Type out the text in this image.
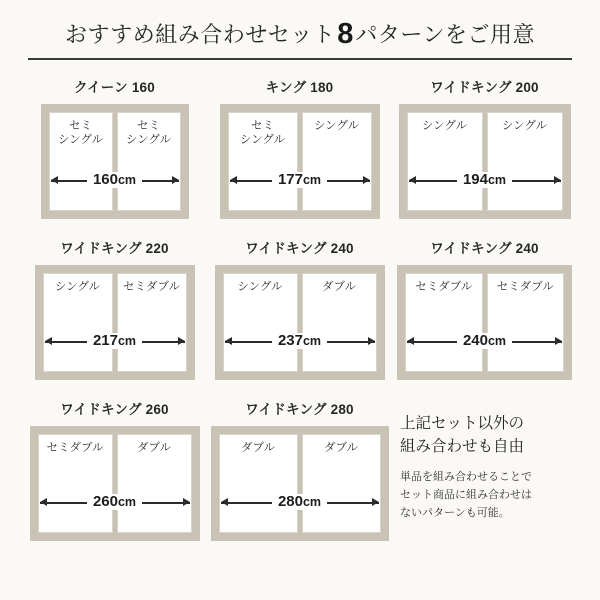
おすすめ組み合わせセット8パターンをご用意
クイーン 160
セミ
シングル
セミ
シングル
160cm
キング 180
セミ
シングル
シングル
177cm
ワイドキング 200
シングル	シングル
194cm
ワイドキング 220
シングル セミダブル
217cm
ワイドキング 240
シングル	ダブル
237cm
ワイドキング 240
セミダブル セミダブル
240cm
ワイドキング 260
セミダブル	ダブル
260cm
ワイドキング 280
ダブル	ダブル
280cm
上記セット以外の
組み合わせも自由
単品を組み合わせることで
セット商品に組み合わせは
ないパターンも可能。
